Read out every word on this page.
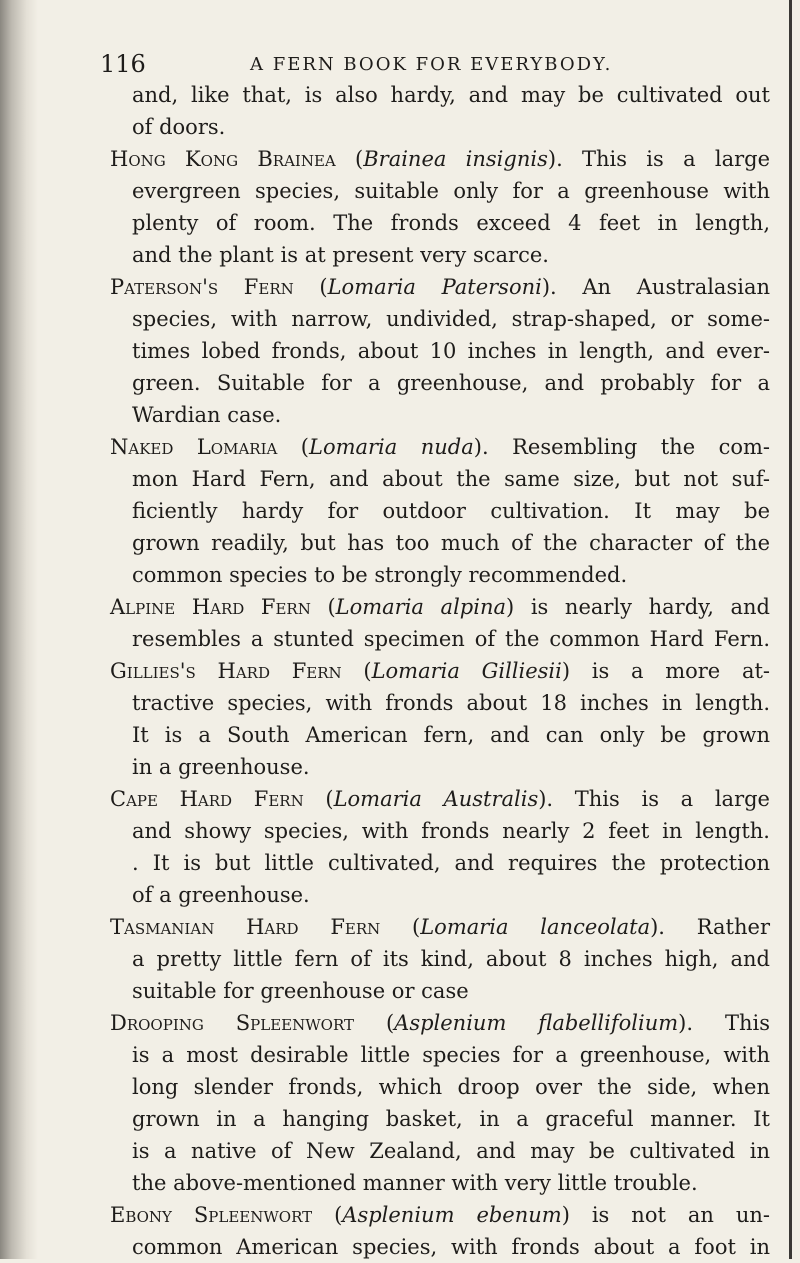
116	A FERN BOOK FOR EVERYBODY.
and, like that, is also hardy, and may be cultivated out
of doors.
Hong Kong Brainea (Brainea insignis). This is a large
evergreen species, suitable only for a greenhouse with
plenty of room. The fronds exceed 4 feet in length,
and the plant is at present very scarce.
Paterson's Fern (Lomaria Patersoni). An Australasian
species, with narrow, undivided, strap-shaped, or some-
times lobed fronds, about 10 inches in length, and ever-
green. Suitable for a greenhouse, and probably for a
Wardian case.
Naked Lomaria (Lomaria nuda). Resembling the com-
mon Hard Fern, and about the same size, but not suf-
ficiently hardy for outdoor cultivation. It may be
grown readily, but has too much of the character of the
common species to be strongly recommended.
Alpine Hard Fern (Lomaria alpina) is nearly hardy, and
resembles a stunted specimen of the common Hard Fern.
Gillies's Hard Fern (Lomaria Gilliesii) is a more at-
tractive species, with fronds about 18 inches in length.
It is a South American fern, and can only be grown
in a greenhouse.
Cape Hard Fern (Lomaria Australis). This is a large
and showy species, with fronds nearly 2 feet in length.
. It is but little cultivated, and requires the protection
of a greenhouse.
Tasmanian Hard Fern (Lomaria lanceolata). Rather
a pretty little fern of its kind, about 8 inches high, and
suitable for greenhouse or case
Drooping Spleenwort (Asplenium flabellifolium). This
is a most desirable little species for a greenhouse, with
long slender fronds, which droop over the side, when
grown in a hanging basket, in a graceful manner. It
is a native of New Zealand, and may be cultivated in
the above-mentioned manner with very little trouble.
Ebony Spleenwort (Asplenium ebenum) is not an un-
common American species, with fronds about a foot in
